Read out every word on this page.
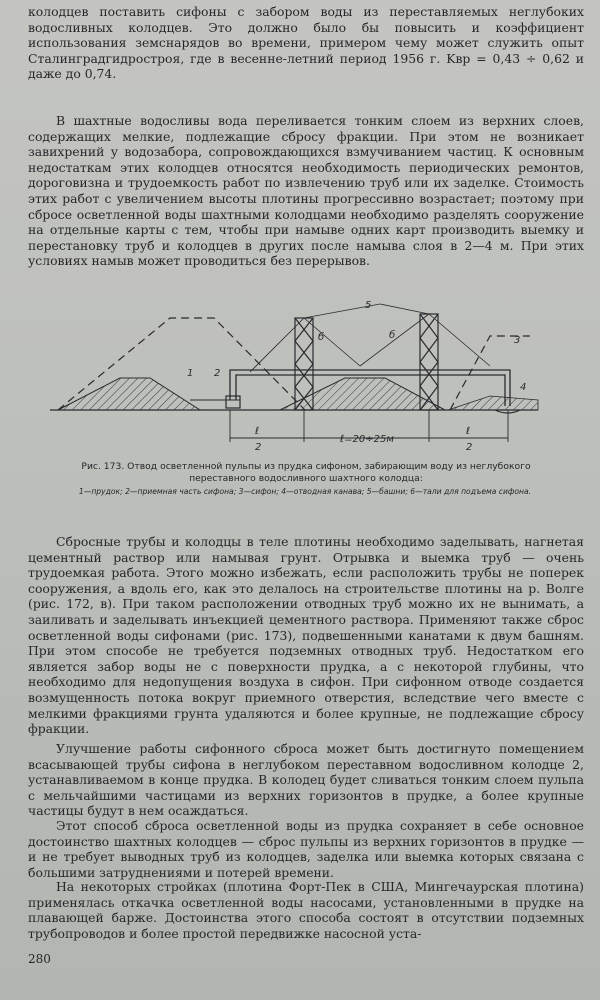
колодцев поставить сифоны с забором воды из переставляемых неглубоких водосливных колодцев. Это должно было бы повысить и коэффициент использования земснарядов во времени, примером чему может служить опыт Сталинградгидростроя, где в весенне-летний период 1956 г. Kвр = 0,43 ÷ 0,62 и даже до 0,74.

В шахтные водосливы вода переливается тонким слоем из верхних слоев, содержащих мелкие, подлежащие сбросу фракции. При этом не возникает завихрений у водозабора, сопровождающихся взмучиванием частиц. К основным недостаткам этих колодцев относятся необходимость периодических ремонтов, дороговизна и трудоемкость работ по извлечению труб или их заделке. Стоимость этих работ с увеличением высоты плотины прогрессивно возрастает; поэтому при сбросе осветленной воды шахтными колодцами необходимо разделять сооружение на отдельные карты с тем, чтобы при намыве одних карт производить выемку и перестановку труб и колодцев в других после намыва слоя в 2—4 м. При этих условиях намыв может проводиться без перерывов.

1 2
3
4
5
б	б
ℓ
2
ℓ=20÷25м
ℓ
2

Рис. 173. Отвод осветленной пульпы из прудка сифоном, забирающим воду из неглубокого переставного водосливного шахтного колодца:

1—прудок; 2—приемная часть сифона; 3—сифон; 4—отводная канава; 5—башни; 6—тали для подъема сифона.

Сбросные трубы и колодцы в теле плотины необходимо заделывать, нагнетая цементный раствор или намывая грунт. Отрывка и выемка труб — очень трудоемкая работа. Этого можно избежать, если расположить трубы не поперек сооружения, а вдоль его, как это делалось на строительстве плотины на р. Волге (рис. 172, в). При таком расположении отводных труб можно их не вынимать, а заиливать и заделывать инъекцией цементного раствора. Применяют также сброс осветленной воды сифонами (рис. 173), подвешенными канатами к двум башням. При этом способе не требуется подземных отводных труб. Недостатком его является забор воды не с поверхности прудка, а с некоторой глубины, что необходимо для недопущения воздуха в сифон. При сифонном отводе создается возмущенность потока вокруг приемного отверстия, вследствие чего вместе с мелкими фракциями грунта удаляются и более крупные, не подлежащие сбросу фракции.

Улучшение работы сифонного сброса может быть достигнуто помещением всасывающей трубы сифона в неглубоком переставном водосливном колодце 2, устанавливаемом в конце прудка. В колодец будет сливаться тонким слоем пульпа с мельчайшими частицами из верхних горизонтов в прудке, а более крупные частицы будут в нем осаждаться.

Этот способ сброса осветленной воды из прудка сохраняет в себе основное достоинство шахтных колодцев — сброс пульпы из верхних горизонтов в прудке — и не требует выводных труб из колодцев, заделка или выемка которых связана с большими затруднениями и потерей времени.

На некоторых стройках (плотина Форт-Пек в США, Мингечаурская плотина) применялась откачка осветленной воды насосами, установленными в прудке на плавающей барже. Достоинства этого способа состоят в отсутствии подземных трубопроводов и более простой передвижке насосной уста-

280
